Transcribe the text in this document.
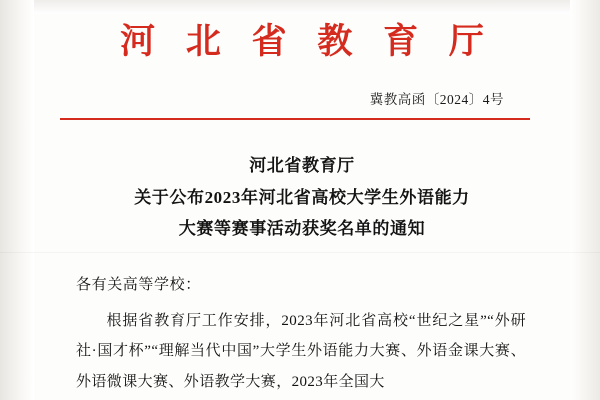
河 北 省 教 育 厅
冀教高函〔2024〕4号
河北省教育厅
关于公布2023年河北省高校大学生外语能力
大赛等赛事活动获奖名单的通知
各有关高等学校：
根据省教育厅工作安排，2023年河北省高校“世纪之星”“外研社·国才杯”“理解当代中国”大学生外语能力大赛、外语金课大赛、外语微课大赛、外语教学大赛，2023年全国大
